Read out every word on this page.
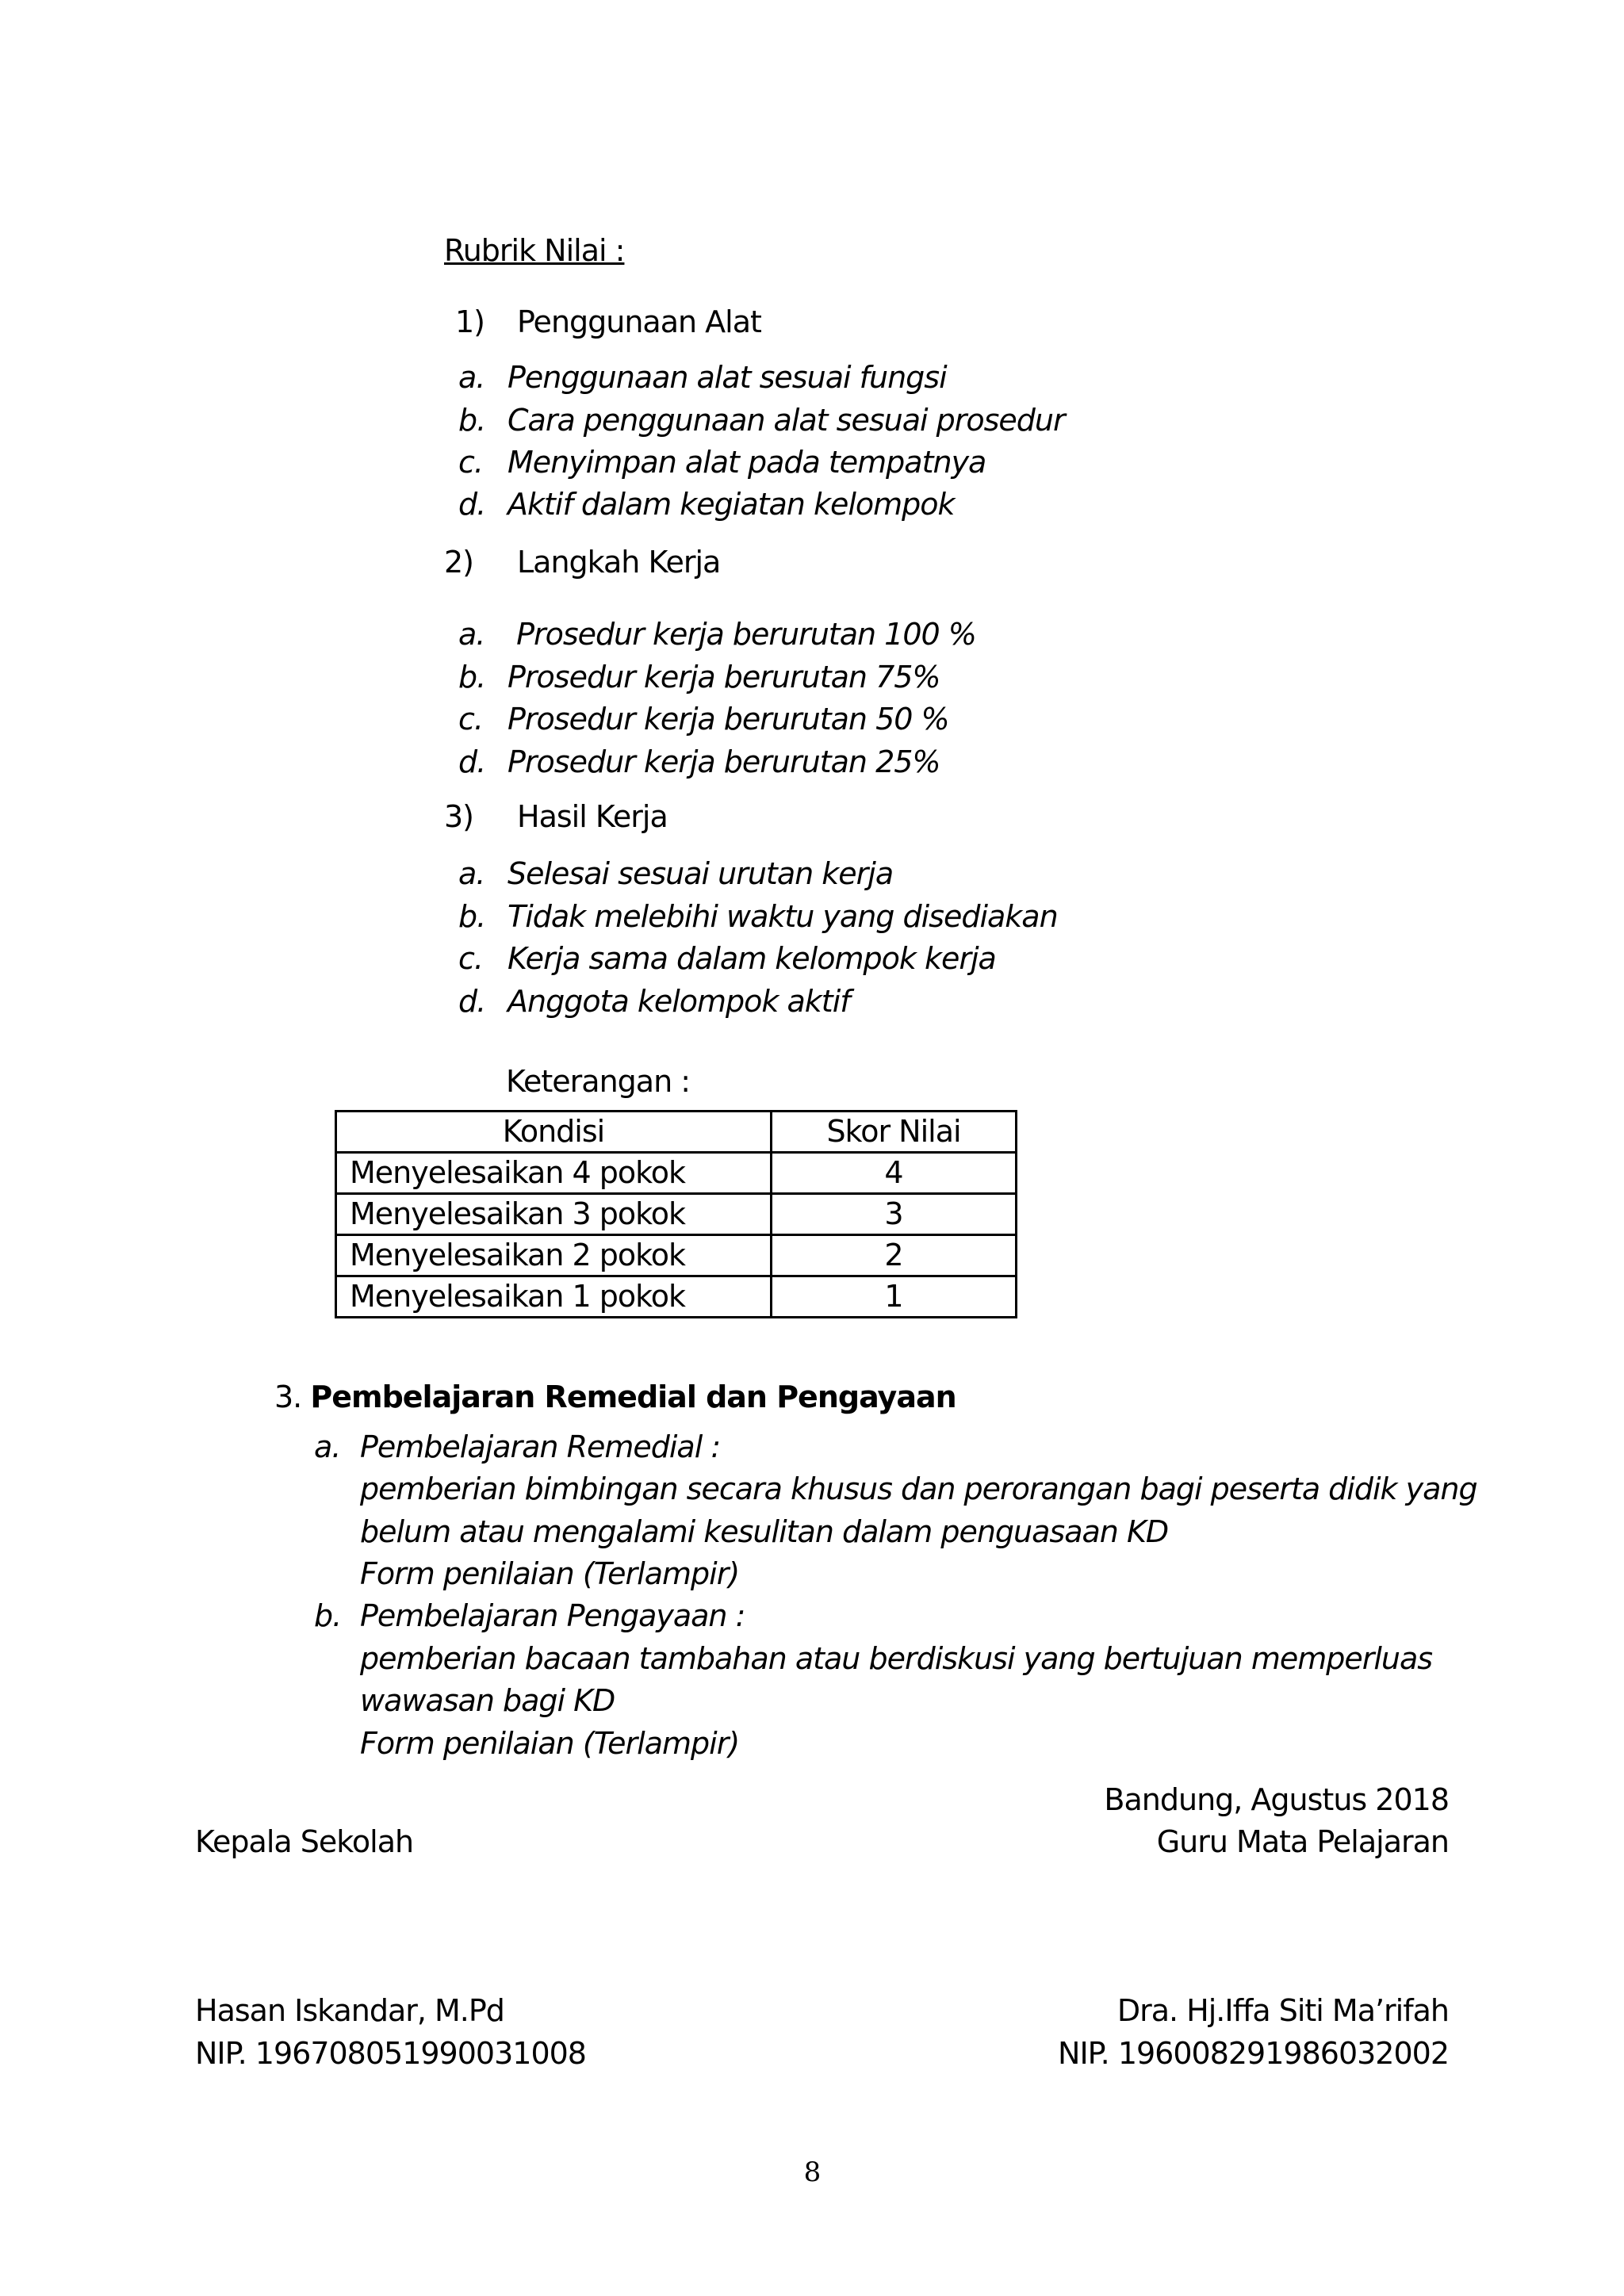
Rubrik Nilai :
1) Penggunaan Alat
a. Penggunaan alat sesuai fungsi
b. Cara penggunaan alat sesuai prosedur
c. Menyimpan alat pada tempatnya
d. Aktif dalam kegiatan kelompok
2) Langkah Kerja
a. Prosedur kerja berurutan 100 %
b. Prosedur kerja berurutan 75%
c. Prosedur kerja berurutan 50 %
d. Prosedur kerja berurutan 25%
3) Hasil Kerja
a. Selesai sesuai urutan kerja
b. Tidak melebihi waktu yang disediakan
c. Kerja sama dalam kelompok kerja
d. Anggota kelompok aktif
Keterangan :
Kondisi	Skor Nilai
Menyelesaikan 4 pokok	4
Menyelesaikan 3 pokok	3
Menyelesaikan 2 pokok	2
Menyelesaikan 1 pokok	1
3. Pembelajaran Remedial dan Pengayaan
a. Pembelajaran Remedial :
pemberian bimbingan secara khusus dan perorangan bagi peserta didik yang
belum atau mengalami kesulitan dalam penguasaan KD
Form penilaian (Terlampir)
b. Pembelajaran Pengayaan :
pemberian bacaan tambahan atau berdiskusi yang bertujuan memperluas
wawasan bagi KD
Form penilaian (Terlampir)
Bandung, Agustus 2018
Kepala Sekolah	Guru Mata Pelajaran
Hasan Iskandar, M.Pd
NIP. 196708051990031008
Dra. Hj.Iffa Siti Ma’rifah
NIP. 196008291986032002
8
